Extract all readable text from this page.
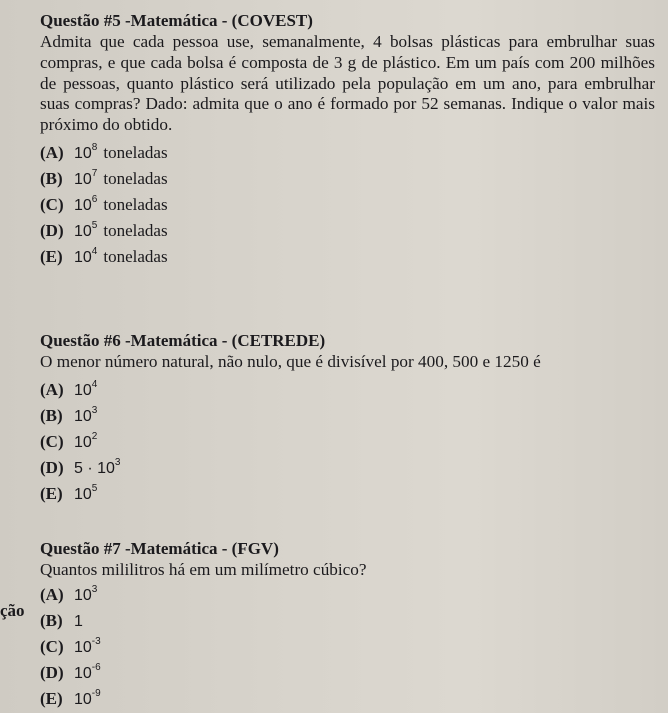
Questão #5 -Matemática - (COVEST)

Admita que cada pessoa use, semanalmente, 4 bolsas plásticas para embrulhar suas compras, e que cada bolsa é composta de 3 g de plástico. Em um país com 200 milhões de pessoas, quanto plástico será utilizado pela população em um ano, para embrulhar suas compras? Dado: admita que o ano é formado por 52 semanas. Indique o valor mais próximo do obtido.

(A) $10^8$ toneladas
(B) $10^7$ toneladas
(C) $10^6$ toneladas
(D) $10^5$ toneladas
(E) $10^4$ toneladas

Questão #6 -Matemática - (CETREDE)

O menor número natural, não nulo, que é divisível por 400, 500 e 1250 é

(A) $10^4$
(B) $10^3$
(C) $10^2$
(D) $5 \cdot 10^3$
(E) $10^5$

Questão #7 -Matemática - (FGV)

Quantos mililitros há em um milímetro cúbico?

(A) $10^3$
(B) 1
(C) $10^{-3}$
(D) $10^{-6}$
(E) $10^{-9}$
ção
